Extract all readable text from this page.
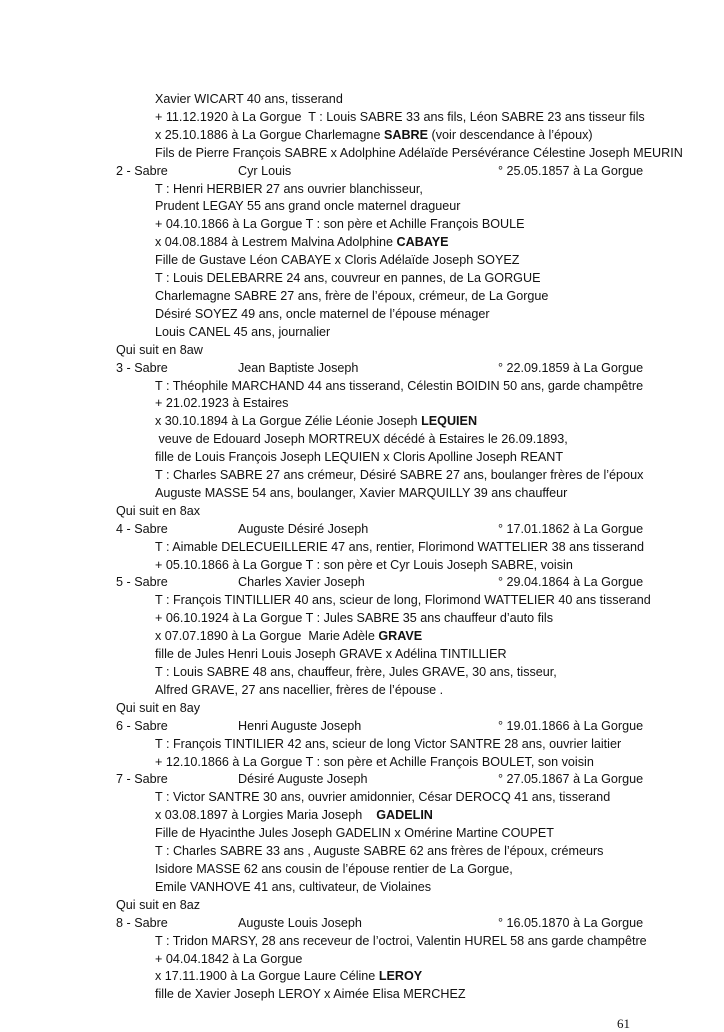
Xavier WICART 40 ans, tisserand
+ 11.12.1920 à La Gorgue  T : Louis SABRE 33 ans fils, Léon SABRE 23 ans tisseur fils
x 25.10.1886 à La Gorgue Charlemagne SABRE (voir descendance à l’époux)
Fils de Pierre François SABRE x Adolphine Adélaïde Persévérance Célestine Joseph MEURIN
2 - Sabre	Cyr Louis	° 25.05.1857 à La Gorgue
T : Henri HERBIER 27 ans ouvrier blanchisseur,
Prudent LEGAY 55 ans grand oncle maternel dragueur
+ 04.10.1866 à La Gorgue T : son père et Achille François BOULE
x 04.08.1884 à Lestrem Malvina Adolphine CABAYE
Fille de Gustave Léon CABAYE x Cloris Adélaïde Joseph SOYEZ
T : Louis DELEBARRE 24 ans, couvreur en pannes, de La GORGUE
Charlemagne SABRE 27 ans, frère de l’époux, crémeur, de La Gorgue
Désiré SOYEZ 49 ans, oncle maternel de l’épouse ménager
Louis CANEL 45 ans, journalier
Qui suit en 8aw
3 - Sabre	Jean Baptiste Joseph	° 22.09.1859 à La Gorgue
T : Théophile MARCHAND 44 ans tisserand, Célestin BOIDIN 50 ans, garde champêtre
+ 21.02.1923 à Estaires
x 30.10.1894 à La Gorgue Zélie Léonie Joseph LEQUIEN
veuve de Edouard Joseph MORTREUX décédé à Estaires le 26.09.1893,
fille de Louis François Joseph LEQUIEN x Cloris Apolline Joseph REANT
T : Charles SABRE 27 ans crémeur, Désiré SABRE 27 ans, boulanger frères de l’époux
Auguste MASSE 54 ans, boulanger, Xavier MARQUILLY 39 ans chauffeur
Qui suit en 8ax
4 - Sabre	Auguste Désiré Joseph	° 17.01.1862 à La Gorgue
T : Aimable DELECUEILLERIE 47 ans, rentier, Florimond WATTELIER 38 ans tisserand
+ 05.10.1866 à La Gorgue T : son père et Cyr Louis Joseph SABRE, voisin
5 - Sabre	Charles Xavier Joseph	° 29.04.1864 à La Gorgue
T : François TINTILLIER 40 ans, scieur de long, Florimond WATTELIER 40 ans tisserand
+ 06.10.1924 à La Gorgue T : Jules SABRE 35 ans chauffeur d’auto fils
x 07.07.1890 à La Gorgue  Marie Adèle GRAVE
fille de Jules Henri Louis Joseph GRAVE x Adélina TINTILLIER
T : Louis SABRE 48 ans, chauffeur, frère, Jules GRAVE, 30 ans, tisseur,
Alfred GRAVE, 27 ans nacellier, frères de l’épouse .
Qui suit en 8ay
6 - Sabre	Henri Auguste Joseph	° 19.01.1866 à La Gorgue
T : François TINTILIER 42 ans, scieur de long Victor SANTRE 28 ans, ouvrier laitier
+ 12.10.1866 à La Gorgue T : son père et Achille François BOULET, son voisin
7 - Sabre	Désiré Auguste Joseph	° 27.05.1867 à La Gorgue
T : Victor SANTRE 30 ans, ouvrier amidonnier, César DEROCQ 41 ans, tisserand
x 03.08.1897 à Lorgies Maria Joseph    GADELIN
Fille de Hyacinthe Jules Joseph GADELIN x Omérine Martine COUPET
T : Charles SABRE 33 ans , Auguste SABRE 62 ans frères de l’époux, crémeurs
Isidore MASSE 62 ans cousin de l’épouse rentier de La Gorgue,
Emile VANHOVE 41 ans, cultivateur, de Violaines
Qui suit en 8az
8 - Sabre	Auguste Louis Joseph	° 16.05.1870 à La Gorgue
T : Tridon MARSY, 28 ans receveur de l’octroi, Valentin HUREL 58 ans garde champêtre
+ 04.04.1842 à La Gorgue
x 17.11.1900 à La Gorgue Laure Céline LEROY
fille de Xavier Joseph LEROY x Aimée Elisa MERCHEZ
61
